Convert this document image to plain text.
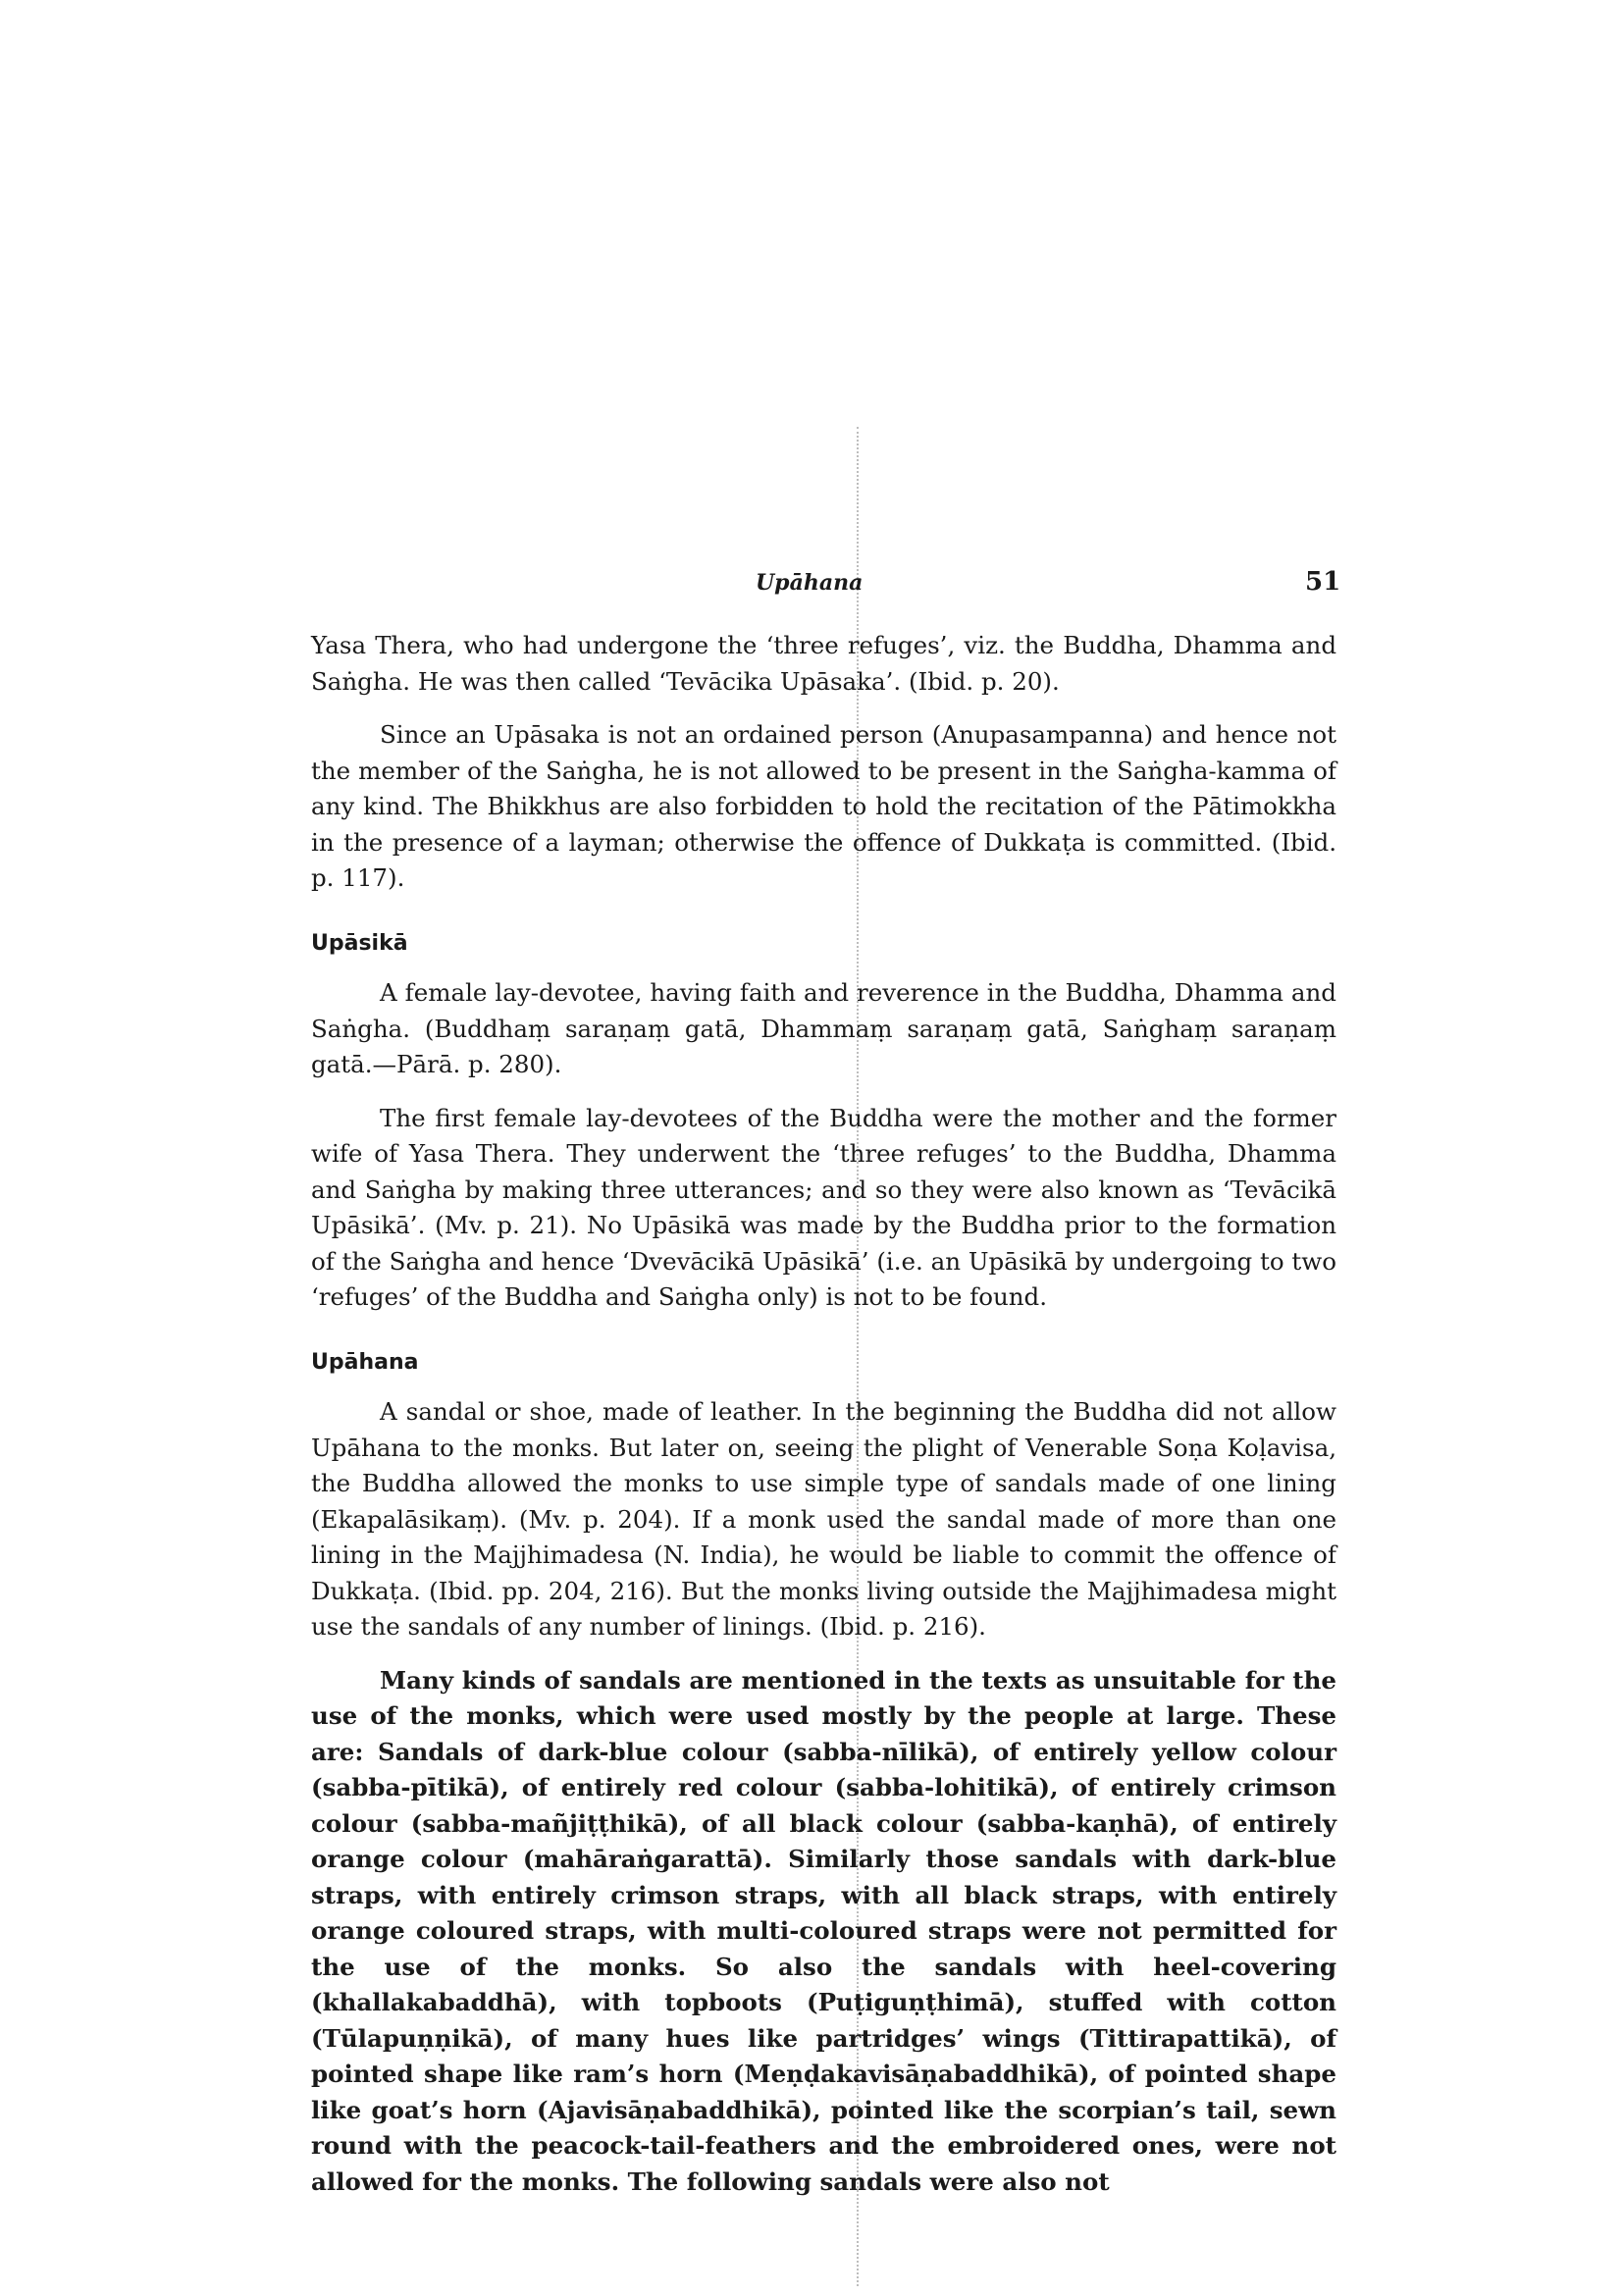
Upāhana	51

Yasa Thera, who had undergone the ‘three refuges’, viz. the Buddha, Dhamma and Saṅgha. He was then called ‘Tevācika Upāsaka’. (Ibid. p. 20).

Since an Upāsaka is not an ordained person (Anupasampanna) and hence not the member of the Saṅgha, he is not allowed to be present in the Saṅgha-kamma of any kind. The Bhikkhus are also forbidden to hold the recitation of the Pātimokkha in the presence of a layman; otherwise the offence of Dukkaṭa is committed. (Ibid. p. 117).

Upāsikā

A female lay-devotee, having faith and reverence in the Buddha, Dhamma and Saṅgha. (Buddhaṃ saraṇaṃ gatā, Dhammaṃ saraṇaṃ gatā, Saṅghaṃ saraṇaṃ gatā.—Pārā. p. 280).

The first female lay-devotees of the Buddha were the mother and the former wife of Yasa Thera. They underwent the ‘three refuges’ to the Buddha, Dhamma and Saṅgha by making three utterances; and so they were also known as ‘Tevācikā Upāsikā’. (Mv. p. 21). No Upāsikā was made by the Buddha prior to the formation of the Saṅgha and hence ‘Dvevācikā Upāsikā’ (i.e. an Upāsikā by undergoing to two ‘refuges’ of the Buddha and Saṅgha only) is not to be found.

Upāhana

A sandal or shoe, made of leather. In the beginning the Buddha did not allow Upāhana to the monks. But later on, seeing the plight of Venerable Soṇa Koḷavisa, the Buddha allowed the monks to use simple type of sandals made of one lining (Ekapalāsikaṃ). (Mv. p. 204). If a monk used the sandal made of more than one lining in the Majjhimadesa (N. India), he would be liable to commit the offence of Dukkaṭa. (Ibid. pp. 204, 216). But the monks living outside the Majjhimadesa might use the sandals of any number of linings. (Ibid. p. 216).

Many kinds of sandals are mentioned in the texts as unsuitable for the use of the monks, which were used mostly by the people at large. These are: Sandals of dark-blue colour (sabba-nīlikā), of entirely yellow colour (sabba-pītikā), of entirely red colour (sabba-lohitikā), of entirely crimson colour (sabba-mañjiṭṭhikā), of all black colour (sabba-kaṇhā), of entirely orange colour (mahāraṅgarattā). Similarly those sandals with dark-blue straps, with entirely crimson straps, with all black straps, with entirely orange coloured straps, with multi-coloured straps were not permitted for the use of the monks. So also the sandals with heel-covering (khallakabaddhā), with topboots (Puṭiguṇṭhimā), stuffed with cotton (Tūlapuṇṇikā), of many hues like partridges’ wings (Tittirapattikā), of pointed shape like ram’s horn (Meṇḍakavisāṇabaddhikā), of pointed shape like goat’s horn (Ajavisāṇabaddhikā), pointed like the scorpian’s tail, sewn round with the peacock-tail-feathers and the embroidered ones, were not allowed for the monks. The following sandals were also not
